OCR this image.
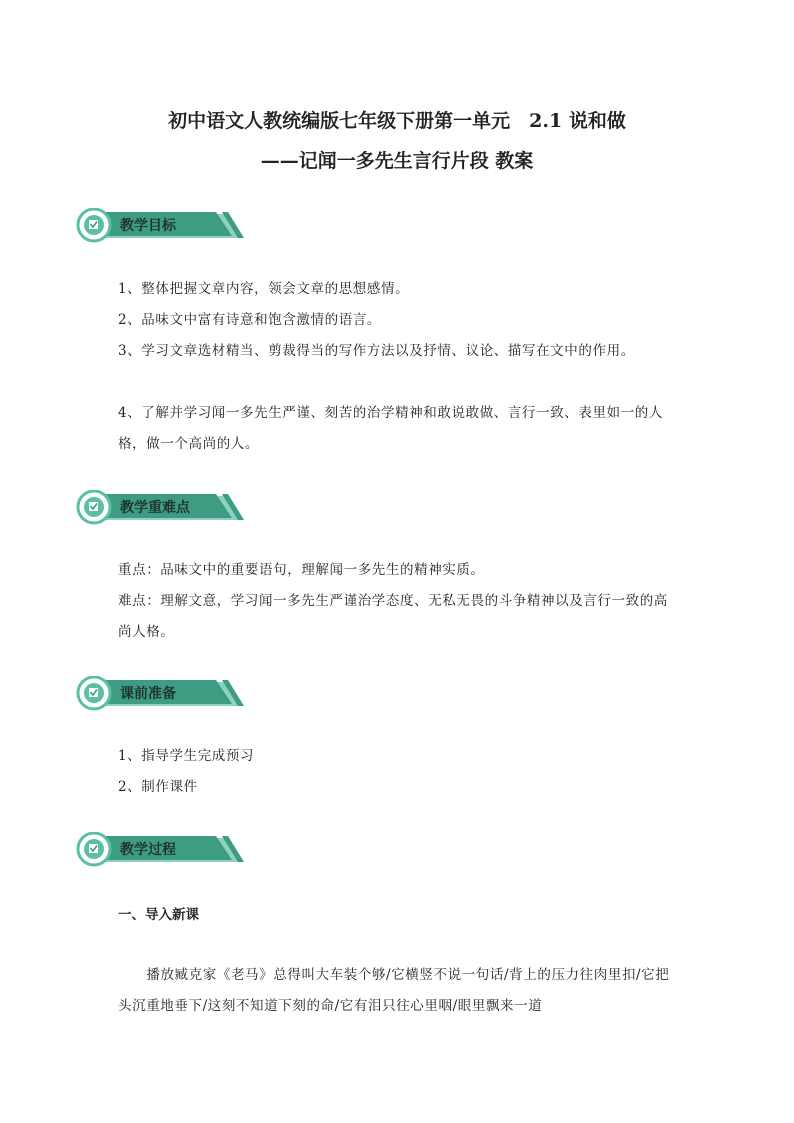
初中语文人教统编版七年级下册第一单元　2.1 说和做
——记闻一多先生言行片段 教案
教学目标
1、整体把握文章内容，领会文章的思想感情。
2、品味文中富有诗意和饱含激情的语言。
3、学习文章选材精当、剪裁得当的写作方法以及抒情、议论、描写在文中的作用。
4、了解并学习闻一多先生严谨、刻苦的治学精神和敢说敢做、言行一致、表里如一的人格，做一个高尚的人。
教学重难点
重点：品味文中的重要语句，理解闻一多先生的精神实质。
难点：理解文意，学习闻一多先生严谨治学态度、无私无畏的斗争精神以及言行一致的高尚人格。
课前准备
1、指导学生完成预习
2、制作课件
教学过程
一、导入新课
播放臧克家《老马》总得叫大车装个够/它横竖不说一句话/背上的压力往肉里扣/它把头沉重地垂下/这刻不知道下刻的命/它有泪只往心里咽/眼里飘来一道
